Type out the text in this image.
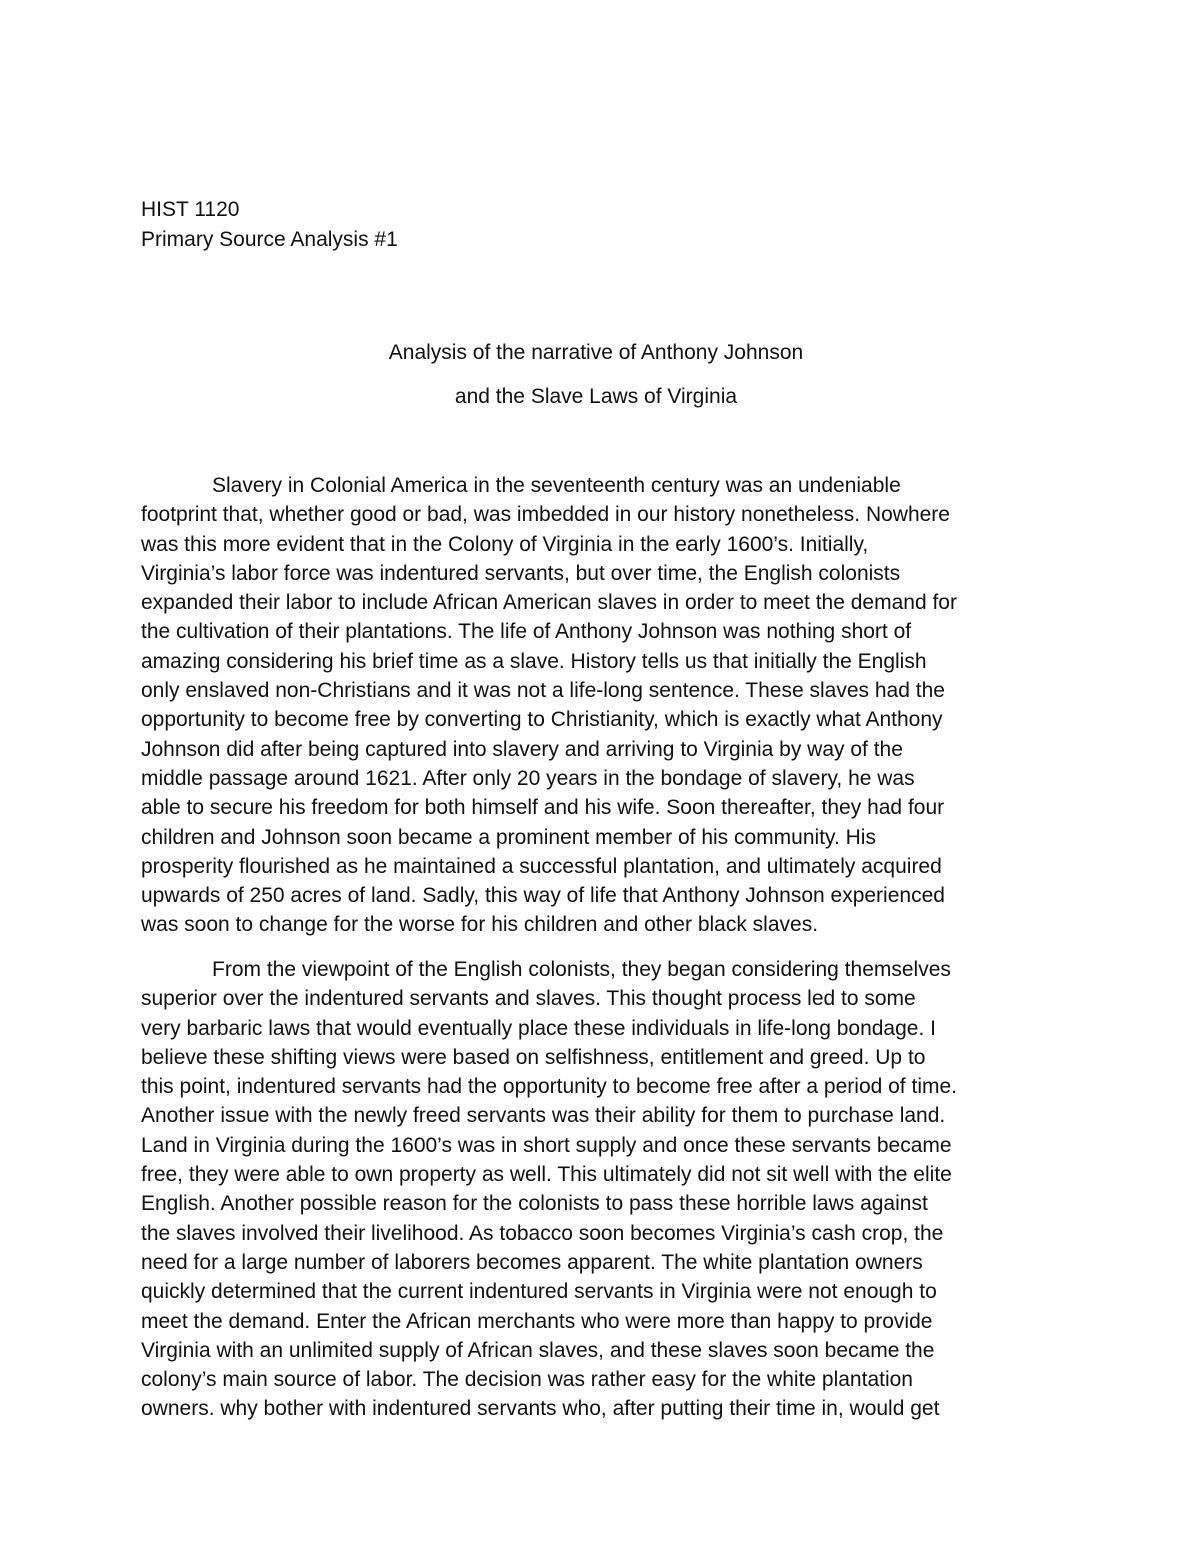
HIST 1120
Primary Source Analysis #1
Analysis of the narrative of Anthony Johnson
and the Slave Laws of Virginia
Slavery in Colonial America in the seventeenth century was an undeniable
footprint that, whether good or bad, was imbedded in our history nonetheless. Nowhere
was this more evident that in the Colony of Virginia in the early 1600’s. Initially,
Virginia’s labor force was indentured servants, but over time, the English colonists
expanded their labor to include African American slaves in order to meet the demand for
the cultivation of their plantations. The life of Anthony Johnson was nothing short of
amazing considering his brief time as a slave. History tells us that initially the English
only enslaved non-Christians and it was not a life-long sentence. These slaves had the
opportunity to become free by converting to Christianity, which is exactly what Anthony
Johnson did after being captured into slavery and arriving to Virginia by way of the
middle passage around 1621. After only 20 years in the bondage of slavery, he was
able to secure his freedom for both himself and his wife. Soon thereafter, they had four
children and Johnson soon became a prominent member of his community. His
prosperity flourished as he maintained a successful plantation, and ultimately acquired
upwards of 250 acres of land. Sadly, this way of life that Anthony Johnson experienced
was soon to change for the worse for his children and other black slaves.
From the viewpoint of the English colonists, they began considering themselves
superior over the indentured servants and slaves. This thought process led to some
very barbaric laws that would eventually place these individuals in life-long bondage. I
believe these shifting views were based on selfishness, entitlement and greed. Up to
this point, indentured servants had the opportunity to become free after a period of time.
Another issue with the newly freed servants was their ability for them to purchase land.
Land in Virginia during the 1600’s was in short supply and once these servants became
free, they were able to own property as well. This ultimately did not sit well with the elite
English. Another possible reason for the colonists to pass these horrible laws against
the slaves involved their livelihood. As tobacco soon becomes Virginia’s cash crop, the
need for a large number of laborers becomes apparent. The white plantation owners
quickly determined that the current indentured servants in Virginia were not enough to
meet the demand. Enter the African merchants who were more than happy to provide
Virginia with an unlimited supply of African slaves, and these slaves soon became the
colony’s main source of labor. The decision was rather easy for the white plantation
owners. why bother with indentured servants who, after putting their time in, would get
